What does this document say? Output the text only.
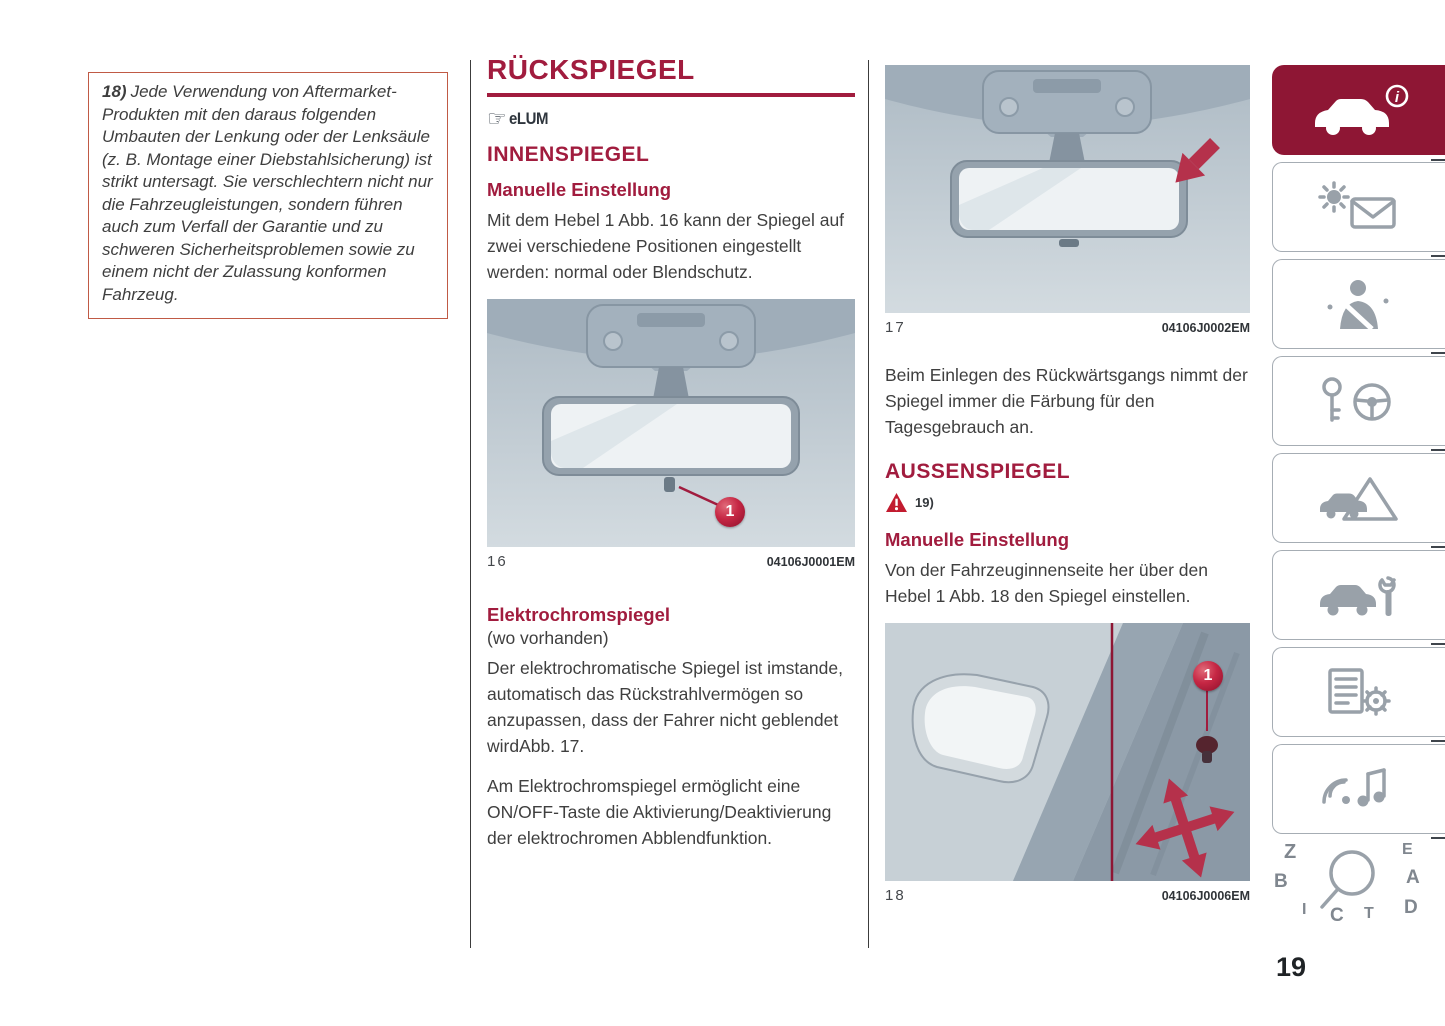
18) Jede Verwendung von Aftermarket-Produkten mit den daraus folgenden Umbauten der Lenkung oder der Lenksäule (z. B. Montage einer Diebstahlsicherung) ist strikt untersagt. Sie verschlechtern nicht nur die Fahrzeugleistungen, sondern führen auch zum Verfall der Garantie und zu schweren Sicherheitsproblemen sowie zu einem nicht der Zulassung konformen Fahrzeug.
RÜCKSPIEGEL
☞ eLUM
INNENSPIEGEL
Manuelle Einstellung

Mit dem Hebel 1 Abb. 16 kann der Spiegel auf zwei verschiedene Positionen eingestellt werden: normal oder Blendschutz.

1
16	04106J0001EM
Elektrochromspiegel

(wo vorhanden)

Der elektrochromatische Spiegel ist imstande, automatisch das Rückstrahlvermögen so anzupassen, dass der Fahrer nicht geblendet wirdAbb. 17.

Am Elektrochromspiegel ermöglicht eine ON/OFF-Taste die Aktivierung/Deaktivierung der elektrochromen Abblendfunktion.

17	04106J0002EM

Beim Einlegen des Rückwärtsgangs nimmt der Spiegel immer die Färbung für den Tagesgebrauch an.

AUSSENSPIEGEL
19)
Manuelle Einstellung

Von der Fahrzeuginnenseite her über den Hebel 1 Abb. 18 den Spiegel einstellen.

1
18	04106J0006EM
i
Z	E
B	A
I C T D
19
